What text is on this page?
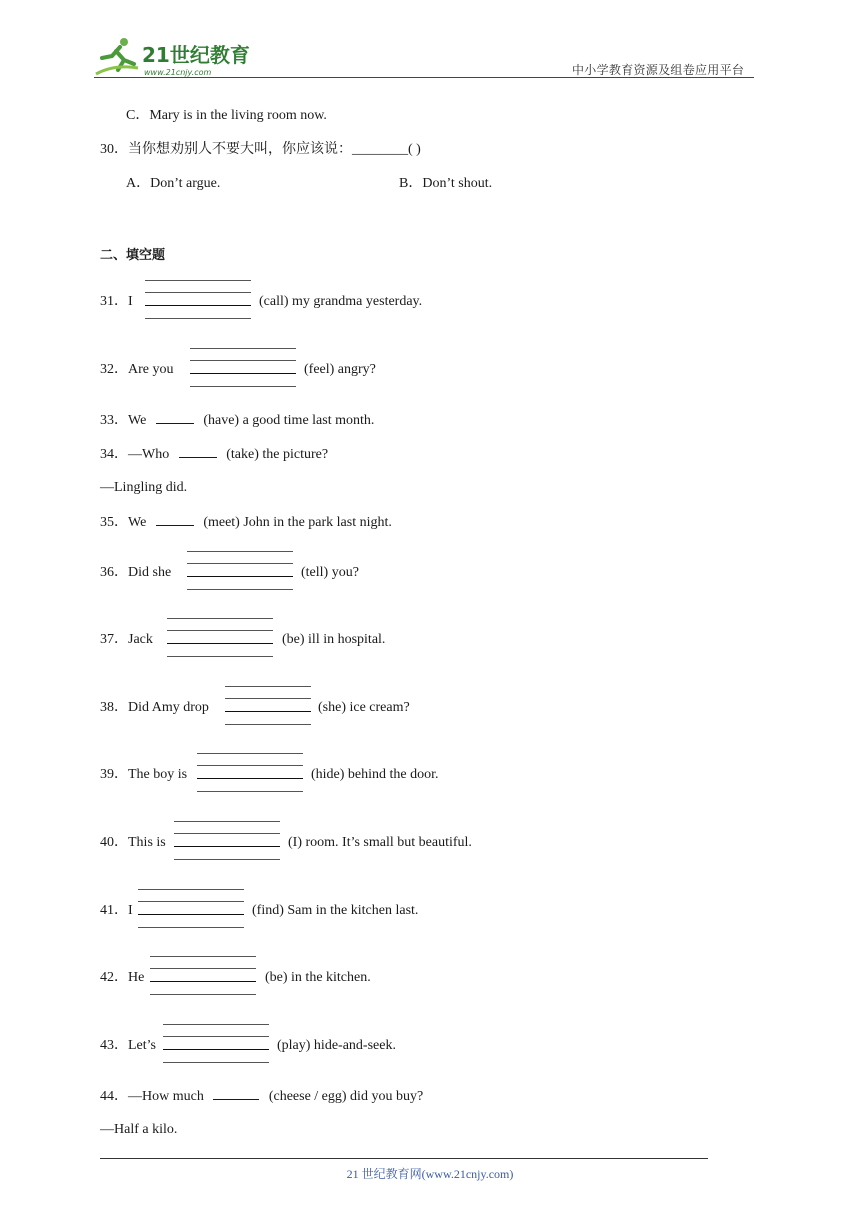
21世纪教育
www.21cnjy.com	中小学教育资源及组卷应用平台
C．Mary is in the living room now.
30．当你想劝别人不要大叫，你应该说：________( )
A．Don’t argue.	B．Don’t shout.
二、填空题
31．I	(call) my grandma yesterday.
32．Are you	(feel) angry?
33．We	(have) a good time last month.
34．—Who	(take) the picture?
—Lingling did.
35．We	(meet) John in the park last night.
36．Did she	(tell) you?
37．Jack	(be) ill in hospital.
38．Did Amy drop	(she) ice cream?
39．The boy is	(hide) behind the door.
40．This is	(I) room. It’s small but beautiful.
41．I	(find) Sam in the kitchen last.
42．He	(be) in the kitchen.
43．Let’s	(play) hide-and-seek.
44．—How much	(cheese / egg) did you buy?
—Half a kilo.
21 世纪教育网(www.21cnjy.com)
